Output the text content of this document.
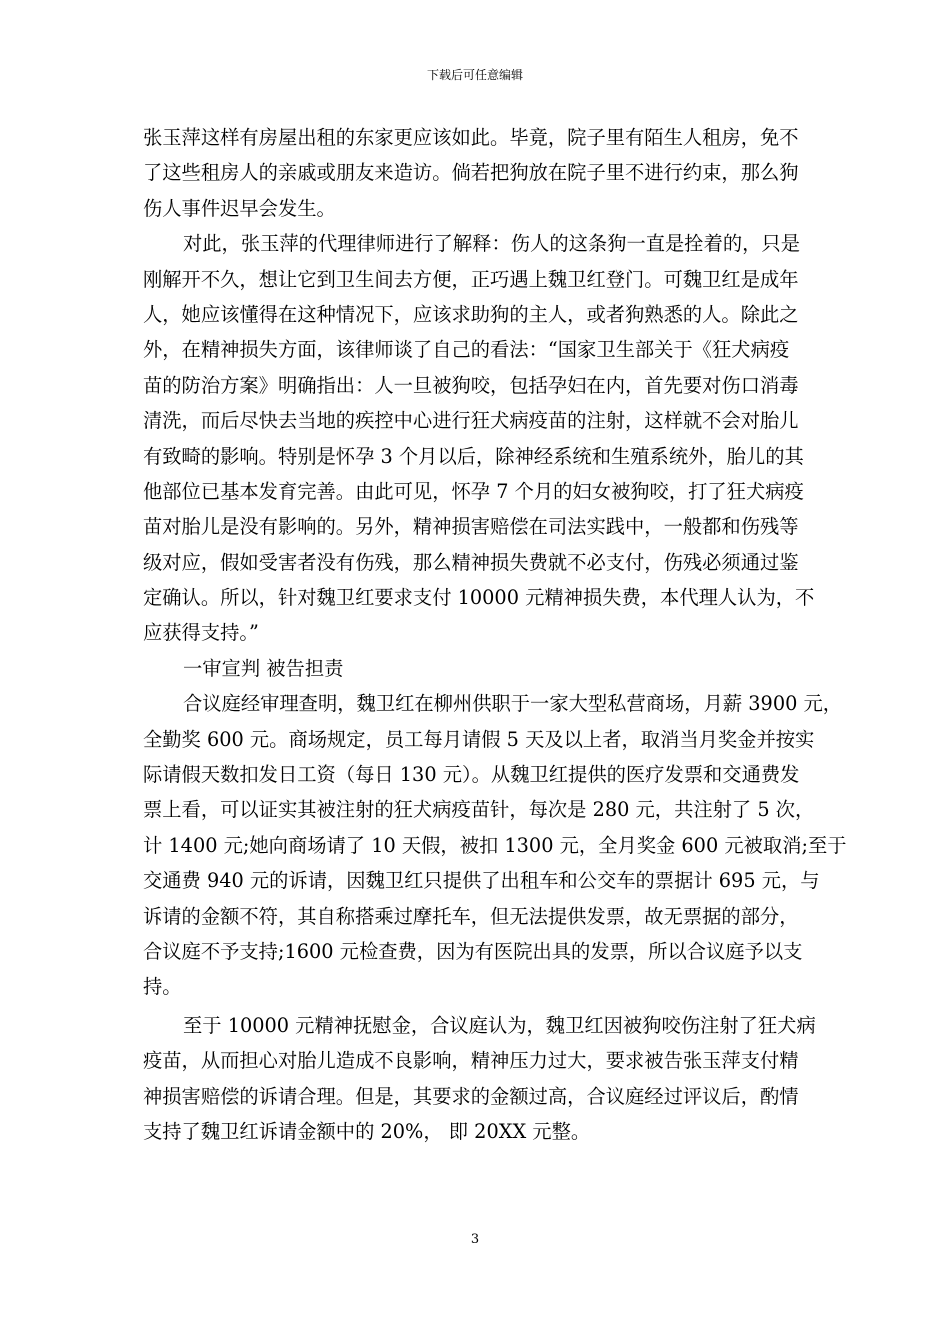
下载后可任意编辑
张玉萍这样有房屋出租的东家更应该如此。毕竟，院子里有陌生人租房，免不
了这些租房人的亲戚或朋友来造访。倘若把狗放在院子里不进行约束，那么狗
伤人事件迟早会发生。
对此，张玉萍的代理律师进行了解释：伤人的这条狗一直是拴着的，只是
刚解开不久，想让它到卫生间去方便，正巧遇上魏卫红登门。可魏卫红是成年
人，她应该懂得在这种情况下，应该求助狗的主人，或者狗熟悉的人。除此之
外，在精神损失方面，该律师谈了自己的看法：“国家卫生部关于《狂犬病疫
苗的防治方案》明确指出：人一旦被狗咬，包括孕妇在内，首先要对伤口消毒
清洗，而后尽快去当地的疾控中心进行狂犬病疫苗的注射，这样就不会对胎儿
有致畸的影响。特别是怀孕 3 个月以后，除神经系统和生殖系统外，胎儿的其
他部位已基本发育完善。由此可见，怀孕 7 个月的妇女被狗咬，打了狂犬病疫
苗对胎儿是没有影响的。另外，精神损害赔偿在司法实践中，一般都和伤残等
级对应，假如受害者没有伤残，那么精神损失费就不必支付，伤残必须通过鉴
定确认。所以，针对魏卫红要求支付 10000 元精神损失费，本代理人认为，不
应获得支持。”
一审宣判 被告担责
合议庭经审理查明，魏卫红在柳州供职于一家大型私营商场，月薪 3900 元，
全勤奖 600 元。商场规定，员工每月请假 5 天及以上者，取消当月奖金并按实
际请假天数扣发日工资（每日 130 元）。从魏卫红提供的医疗发票和交通费发
票上看，可以证实其被注射的狂犬病疫苗针，每次是 280 元，共注射了 5 次，
计 1400 元;她向商场请了 10 天假，被扣 1300 元，全月奖金 600 元被取消;至于
交通费 940 元的诉请，因魏卫红只提供了出租车和公交车的票据计 695 元，与
诉请的金额不符，其自称搭乘过摩托车，但无法提供发票，故无票据的部分，
合议庭不予支持;1600 元检查费，因为有医院出具的发票，所以合议庭予以支
持。
至于 10000 元精神抚慰金，合议庭认为，魏卫红因被狗咬伤注射了狂犬病
疫苗，从而担心对胎儿造成不良影响，精神压力过大，要求被告张玉萍支付精
神损害赔偿的诉请合理。但是，其要求的金额过高，合议庭经过评议后，酌情
支持了魏卫红诉请金额中的 20%， 即 20XX 元整。
3
